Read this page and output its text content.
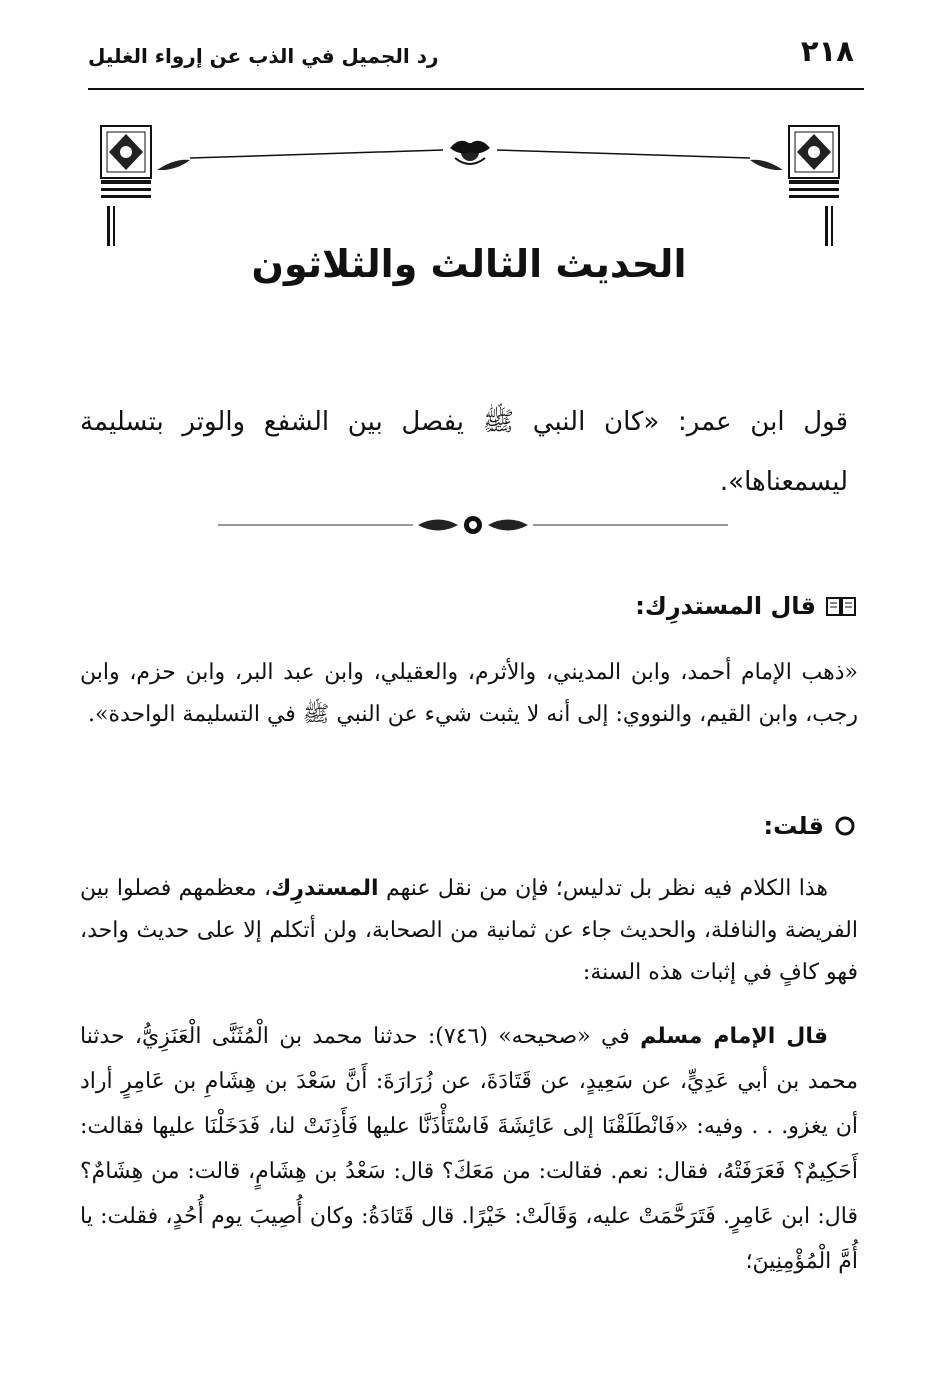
٢١٨
رد الجميل في الذب عن إرواء الغليل
الحديث الثالث والثلاثون
قول ابن عمر: «كان النبي ﷺ يفصل بين الشفع والوتر بتسليمة ليسمعناها».
قال المستدرِك:
«ذهب الإمام أحمد، وابن المديني، والأثرم، والعقيلي، وابن عبد البر، وابن حزم، وابن رجب، وابن القيم، والنووي: إلى أنه لا يثبت شيء عن النبي ﷺ في التسليمة الواحدة».
قلت:
هذا الكلام فيه نظر بل تدليس؛ فإن من نقل عنهم المستدرِك، معظمهم فصلوا بين الفريضة والنافلة، والحديث جاء عن ثمانية من الصحابة، ولن أتكلم إلا على حديث واحد، فهو كافٍ في إثبات هذه السنة:
قال الإمام مسلم في «صحيحه» (٧٤٦): حدثنا محمد بن الْمُثَنَّى الْعَنَزِيُّ، حدثنا محمد بن أبي عَدِيٍّ، عن سَعِيدٍ، عن قَتَادَةَ، عن زُرَارَةَ: أَنَّ سَعْدَ بن هِشَامِ بن عَامِرٍ أراد أن يغزو. . . وفيه: «فَانْطَلَقْنَا إلى عَائِشَةَ فَاسْتَأْذَنَّا عليها فَأَذِنَتْ لنا، فَدَخَلْنَا عليها فقالت: أَحَكِيمٌ؟ فَعَرَفَتْهُ، فقال: نعم. فقالت: من مَعَكَ؟ قال: سَعْدُ بن هِشَامٍ، قالت: من هِشَامٌ؟ قال: ابن عَامِرٍ. فَتَرَحَّمَتْ عليه، وَقَالَتْ: خَيْرًا. قال قَتَادَةُ: وكان أُصِيبَ يوم أُحُدٍ، فقلت: يا أُمَّ الْمُؤْمِنِينَ؛
